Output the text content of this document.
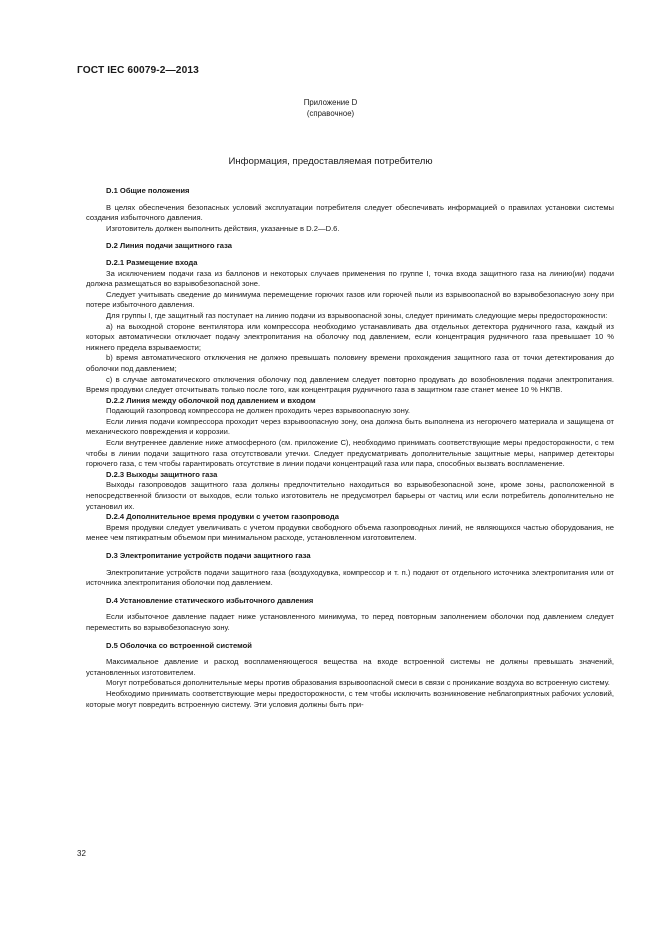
ГОСТ IEC 60079-2—2013
Приложение D
(справочное)
Информация, предоставляемая потребителю

D.1 Общие положения

В целях обеспечения безопасных условий эксплуатации потребителя следует обеспечивать информацией о правилах установки системы создания избыточного давления.

Изготовитель должен выполнить действия, указанные в D.2—D.6.

D.2 Линия подачи защитного газа

D.2.1 Размещение входа

За исключением подачи газа из баллонов и некоторых случаев применения по группе I, точка входа защитного газа на линию(ии) подачи должна размещаться во взрывобезопасной зоне.

Следует учитывать сведение до минимума перемещение горючих газов или горючей пыли из взрывоопасной во взрывобезопасную зону при потере избыточного давления.

Для группы I, где защитный газ поступает на линию подачи из взрывоопасной зоны, следует принимать следующие меры предосторожности:

a) на выходной стороне вентилятора или компрессора необходимо устанавливать два отдельных детектора рудничного газа, каждый из которых автоматически отключает подачу электропитания на оболочку под давлением, если концентрация рудничного газа превышает 10 % нижнего предела взрываемости;

b) время автоматического отключения не должно превышать половину времени прохождения защитного газа от точки детектирования до оболочки под давлением;

c) в случае автоматического отключения оболочку под давлением следует повторно продувать до возобновления подачи электропитания. Время продувки следует отсчитывать только после того, как концентрация рудничного газа в защитном газе станет менее 10 % НКПВ.

D.2.2 Линия между оболочкой под давлением и входом

Подающий газопровод компрессора не должен проходить через взрывоопасную зону.

Если линия подачи компрессора проходит через взрывоопасную зону, она должна быть выполнена из негорючего материала и защищена от механического повреждения и коррозии.

Если внутреннее давление ниже атмосферного (см. приложение С), необходимо принимать соответствующие меры предосторожности, с тем чтобы в линии подачи защитного газа отсутствовали утечки. Следует предусматривать дополнительные защитные меры, например детекторы горючего газа, с тем чтобы гарантировать отсутствие в линии подачи концентраций газа или пара, способных вызвать воспламенение.

D.2.3 Выходы защитного газа

Выходы газопроводов защитного газа должны предпочтительно находиться во взрывобезопасной зоне, кроме зоны, расположенной в непосредственной близости от выходов, если только изготовитель не предусмотрел барьеры от частиц или если потребитель дополнительно не установил их.

D.2.4 Дополнительное время продувки с учетом газопровода

Время продувки следует увеличивать с учетом продувки свободного объема газопроводных линий, не являющихся частью оборудования, не менее чем пятикратным объемом при минимальном расходе, установленном изготовителем.

D.3 Электропитание устройств подачи защитного газа

Электропитание устройств подачи защитного газа (воздуходувка, компрессор и т. п.) подают от отдельного источника электропитания или от источника электропитания оболочки под давлением.

D.4 Установление статического избыточного давления

Если избыточное давление падает ниже установленного минимума, то перед повторным заполнением оболочки под давлением следует переместить во взрывобезопасную зону.

D.5 Оболочка со встроенной системой

Максимальное давление и расход воспламеняющегося вещества на входе встроенной системы не должны превышать значений, установленных изготовителем.

Могут потребоваться дополнительные меры против образования взрывоопасной смеси в связи с проникание воздуха во встроенную систему.

Необходимо принимать соответствующие меры предосторожности, с тем чтобы исключить возникновение неблагоприятных рабочих условий, которые могут повредить встроенную систему. Эти условия должны быть при-

32
